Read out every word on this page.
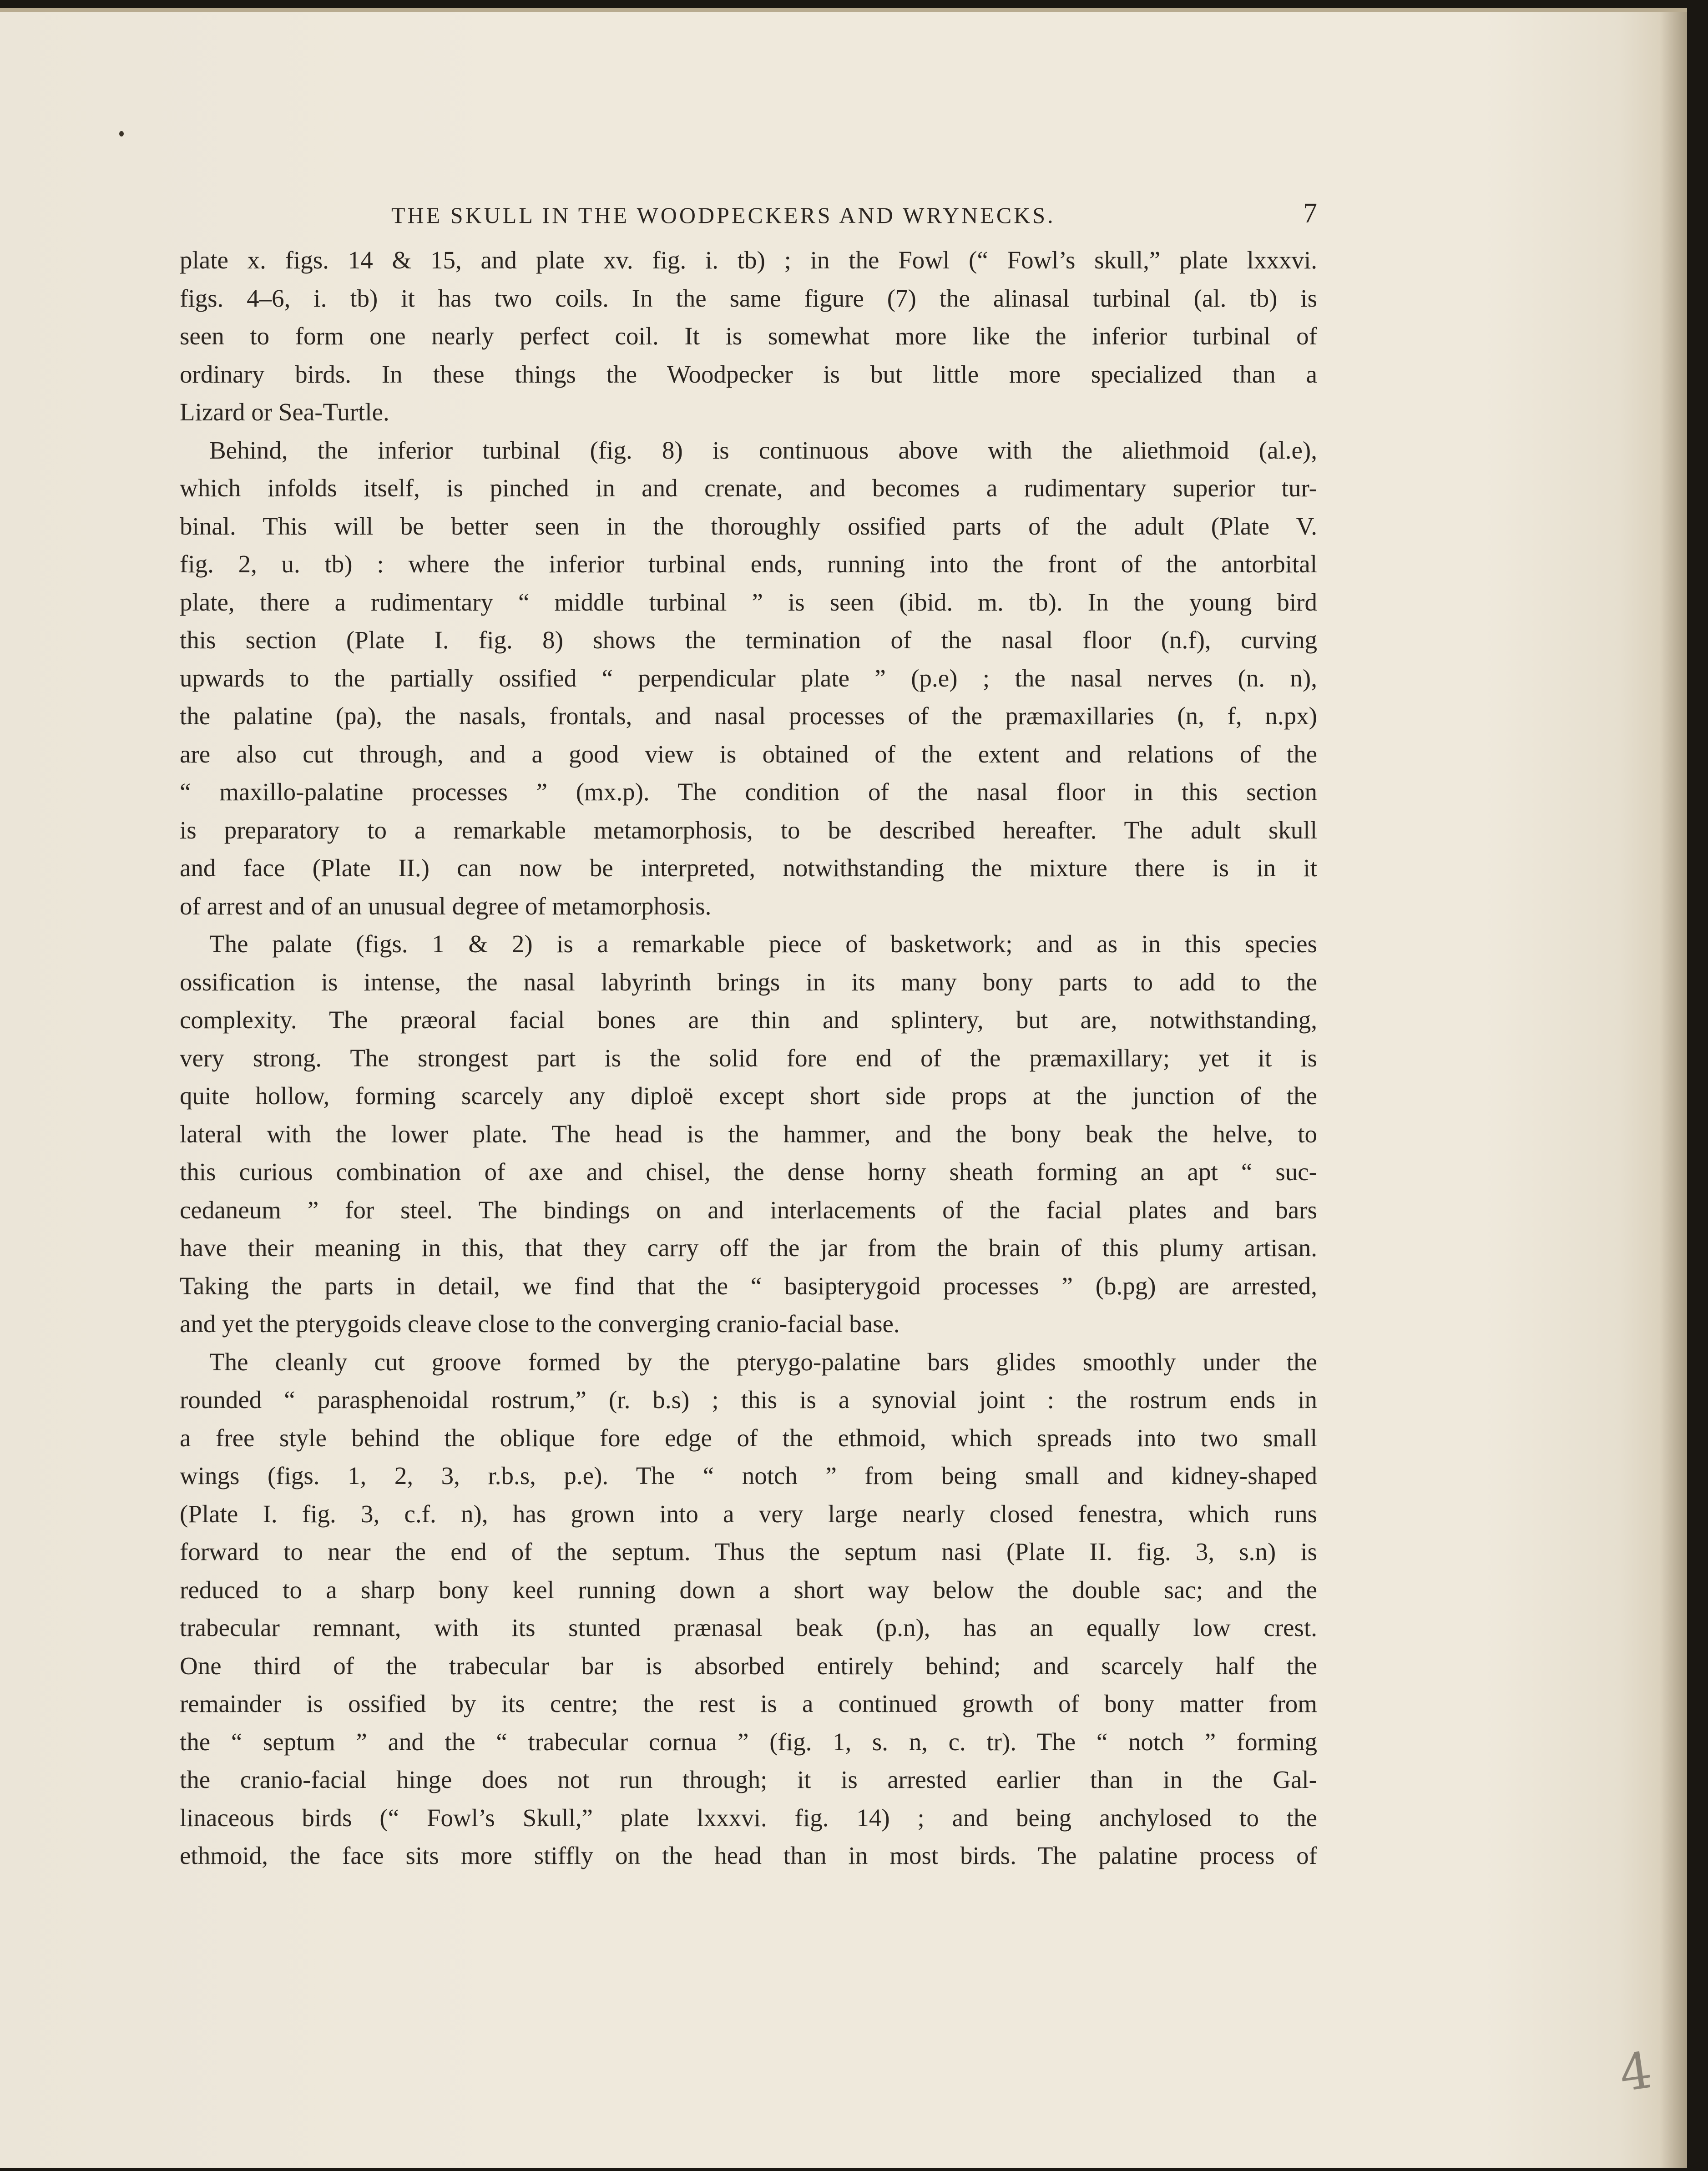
THE SKULL IN THE WOODPECKERS AND WRYNECKS.	7
plate x. figs. 14 & 15, and plate xv. fig. i. tb) ; in the Fowl (“ Fowl’s skull,” plate lxxxvi.
figs. 4–6, i. tb) it has two coils. In the same figure (7) the alinasal turbinal (al. tb) is
seen to form one nearly perfect coil. It is somewhat more like the inferior turbinal of
ordinary birds. In these things the Woodpecker is but little more specialized than a
Lizard or Sea-Turtle.
Behind, the inferior turbinal (fig. 8) is continuous above with the aliethmoid (al.e),
which infolds itself, is pinched in and crenate, and becomes a rudimentary superior tur-
binal. This will be better seen in the thoroughly ossified parts of the adult (Plate V.
fig. 2, u. tb) : where the inferior turbinal ends, running into the front of the antorbital
plate, there a rudimentary “ middle turbinal ” is seen (ibid. m. tb). In the young bird
this section (Plate I. fig. 8) shows the termination of the nasal floor (n.f), curving
upwards to the partially ossified “ perpendicular plate ” (p.e) ; the nasal nerves (n. n),
the palatine (pa), the nasals, frontals, and nasal processes of the præmaxillaries (n, f, n.px)
are also cut through, and a good view is obtained of the extent and relations of the
“ maxillo-palatine processes ” (mx.p). The condition of the nasal floor in this section
is preparatory to a remarkable metamorphosis, to be described hereafter. The adult skull
and face (Plate II.) can now be interpreted, notwithstanding the mixture there is in it
of arrest and of an unusual degree of metamorphosis.
The palate (figs. 1 & 2) is a remarkable piece of basketwork; and as in this species
ossification is intense, the nasal labyrinth brings in its many bony parts to add to the
complexity. The præoral facial bones are thin and splintery, but are, notwithstanding,
very strong. The strongest part is the solid fore end of the præmaxillary; yet it is
quite hollow, forming scarcely any diploë except short side props at the junction of the
lateral with the lower plate. The head is the hammer, and the bony beak the helve, to
this curious combination of axe and chisel, the dense horny sheath forming an apt “ suc-
cedaneum ” for steel. The bindings on and interlacements of the facial plates and bars
have their meaning in this, that they carry off the jar from the brain of this plumy artisan.
Taking the parts in detail, we find that the “ basipterygoid processes ” (b.pg) are arrested,
and yet the pterygoids cleave close to the converging cranio-facial base.
The cleanly cut groove formed by the pterygo-palatine bars glides smoothly under the
rounded “ parasphenoidal rostrum,” (r. b.s) ; this is a synovial joint : the rostrum ends in
a free style behind the oblique fore edge of the ethmoid, which spreads into two small
wings (figs. 1, 2, 3, r.b.s, p.e). The “ notch ” from being small and kidney-shaped
(Plate I. fig. 3, c.f. n), has grown into a very large nearly closed fenestra, which runs
forward to near the end of the septum. Thus the septum nasi (Plate II. fig. 3, s.n) is
reduced to a sharp bony keel running down a short way below the double sac; and the
trabecular remnant, with its stunted prænasal beak (p.n), has an equally low crest.
One third of the trabecular bar is absorbed entirely behind; and scarcely half the
remainder is ossified by its centre; the rest is a continued growth of bony matter from
the “ septum ” and the “ trabecular cornua ” (fig. 1, s. n, c. tr). The “ notch ” forming
the cranio-facial hinge does not run through; it is arrested earlier than in the Gal-
linaceous birds (“ Fowl’s Skull,” plate lxxxvi. fig. 14) ; and being anchylosed to the
ethmoid, the face sits more stiffly on the head than in most birds. The palatine process of
4
